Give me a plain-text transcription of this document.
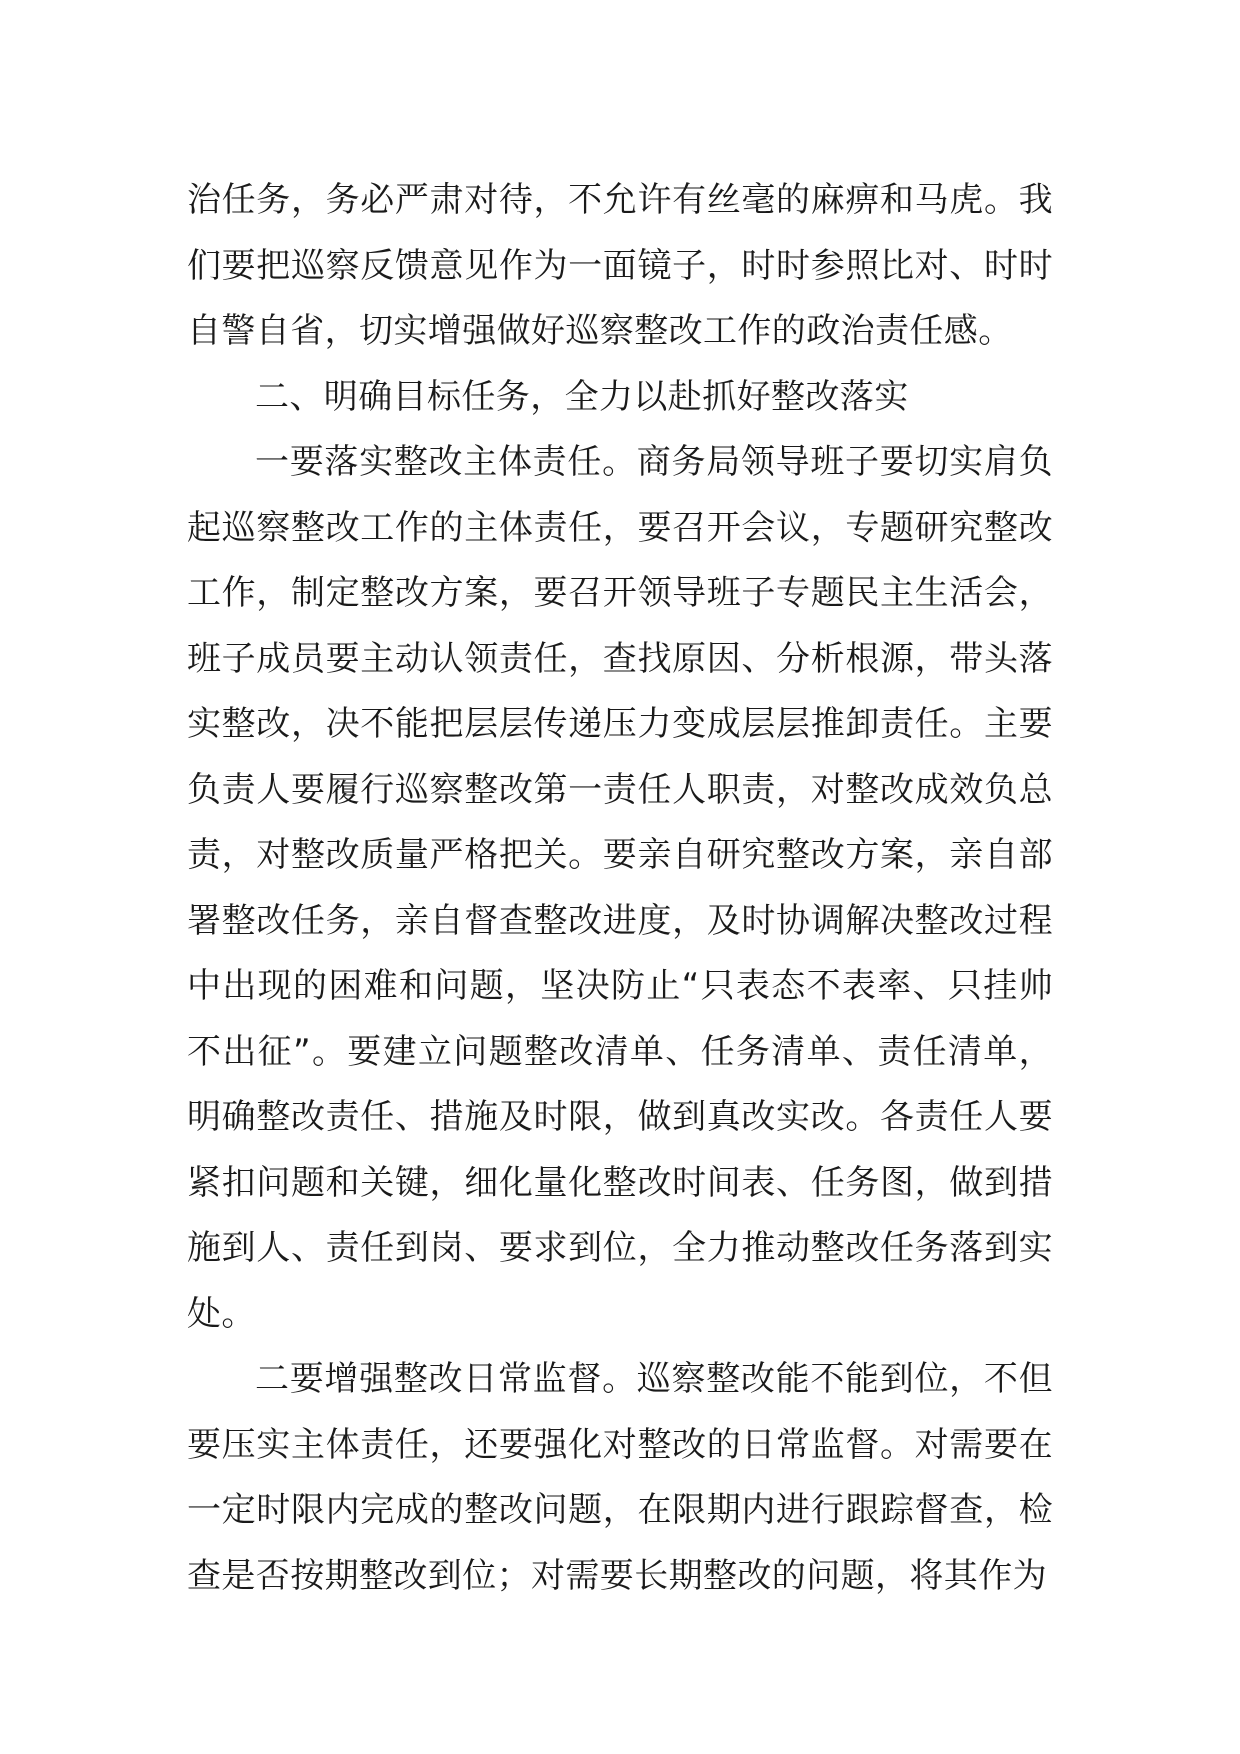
治任务，务必严肃对待，不允许有丝毫的麻痹和马虎。我们要把巡察反馈意见作为一面镜子，时时参照比对、时时自警自省，切实增强做好巡察整改工作的政治责任感。

二、明确目标任务，全力以赴抓好整改落实

一要落实整改主体责任。商务局领导班子要切实肩负起巡察整改工作的主体责任，要召开会议，专题研究整改工作，制定整改方案，要召开领导班子专题民主生活会，班子成员要主动认领责任，查找原因、分析根源，带头落实整改，决不能把层层传递压力变成层层推卸责任。主要负责人要履行巡察整改第一责任人职责，对整改成效负总责，对整改质量严格把关。要亲自研究整改方案，亲自部署整改任务，亲自督查整改进度，及时协调解决整改过程中出现的困难和问题，坚决防止“只表态不表率、只挂帅不出征”。要建立问题整改清单、任务清单、责任清单，明确整改责任、措施及时限，做到真改实改。各责任人要紧扣问题和关键，细化量化整改时间表、任务图，做到措施到人、责任到岗、要求到位，全力推动整改任务落到实处。

二要增强整改日常监督。巡察整改能不能到位，不但要压实主体责任，还要强化对整改的日常监督。对需要在一定时限内完成的整改问题，在限期内进行跟踪督查，检查是否按期整改到位；对需要长期整改的问题，将其作为
